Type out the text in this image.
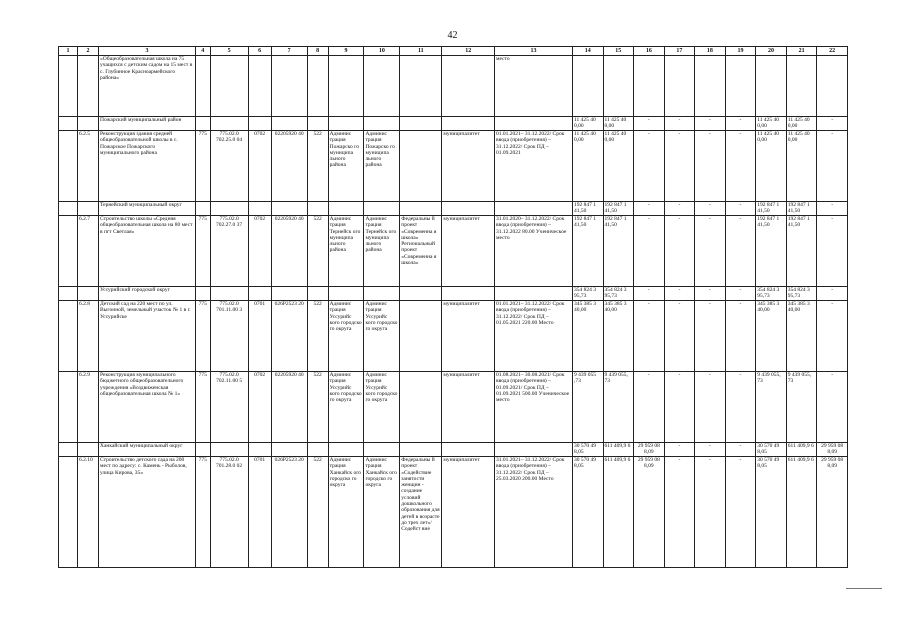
42
1	2	3	4	5	6	7	8	9	10	11	12	13	14	15	16	17	18	19	20	21	22
		«Общеобразовательная школа на 75 учащихся с детским садом на 15 мест в с. Глубинное Красноармейского района»										место									
		Пожарский муниципальный район											11 425 40 0,00	11 425 40 0,00	-	-	-	-	11 425 40 0,00	11 425 40 0,00	-
	6.2.5	Реконструкция здания средней общеобразовательной школы в с. Пожарское Пожарского муниципального района	775	775.02.0 702.25.0 04	0702	02205920 40	522	Админис трация Пожарско го муниципа льного района	Админис трация Пожарско го муниципа льного района		муниципалитет	01.01.2021– 31.12.2022/ Срок ввода (приобретения) – 31.12.2022/ Срок ПД – 01.09.2021	11 425 40 0,00	11 425 40 0,00	-	-	-	-	11 425 40 0,00	11 425 40 0,00	-
		Тернейский муниципальный округ											192 847 1 41,50	192 847 1 41,50	-	-	-	-	192 847 1 41,50	192 847 1 41,50	-
	6.2.7	Строительство школы «Средняя общеобразовательная школа на 80 мест в пгт Светлая»	775	775.02.0 702.27.0 37	0702	02205920 40	522	Админис трация Тернейск ого муниципа льного района	Админис трация Тернейск ого муниципа льного района	Федеральны й проект «Современна я школа» Региональный проект «Современна я школа»	муниципалитет	31.01.2020– 31.12.2022/ Срок ввода (приобретения) – 31.12.2022 80.00 Ученическое место	192 847 1 41,50	192 847 1 41,50	-	-	-	-	192 847 1 41,50	192 847 1 41,50	-
		Уссурийский городской округ											354 824 3 95,73	354 824 3 95,73	-	-	-	-	354 824 3 95,73	354 824 3 95,73	-
	6.2.8	Детский сад на 220 мест по ул. Выгонной, земельный участок № 1 в г. Уссурийске	775	775.02.0 701.11.00 3	0701	026P2523 20	522	Админис трация Уссурийс кого городско го округа	Админис трация Уссурийс кого городско го округа		муниципалитет	01.01.2021– 31.12.2022/ Срок ввода (приобретения) – 31.12.2022/ Срок ПД – 01.05.2021 220.00 Место	345 385 3 40,00	345 385 3 40,00	-	-	-	-	345 385 3 40,00	345 385 3 40,00	-
	6.2.9	Реконструкция муниципального бюджетного общеобразовательного учреждения «Воздвиженская общеобразовательная школа № 1»	775	775.02.0 702.11.00 5	0702	02205920 40	522	Админис трация Уссурийс кого городско го округа	Админис трация Уссурийс кого городско го округа		муниципалитет	01.08.2021– 30.08.2021/ Срок ввода (приобретения) – 01.09.2021/ Срок ПД – 01.09.2021 500.00 Ученическое место	9 439 055 ,73	9 439 055, 73	-	-	-	-	9 439 055, 73	9 439 055, 73	-
		Ханкайский муниципальный округ											30 570 49 8,05	611 409,9 6	29 959 08 8,09	-	-	-	30 570 49 8,05	611 409,9 6	29 959 08 8,09
	6.2.10	Строительство детского сада на 200 мест по адресу: с. Камень - Рыболов, улица Кирова, 35«	775	775.02.0 701.28.0 02	0701	026P2523 20	522	Админис трация Ханкайск ого городско го округа	Админис трация Ханкайск ого городско го округа	Федеральны й проект «Содействие занятости женщин - создание условий дошкольного образования для детей в возрасте до трех лет»/Содейст вие	муниципалитет	31.01.2021– 31.12.2022/ Срок ввода (приобретения) – 31.12.2022/ Срок ПД – 25.03.2020 200.00 Место	30 570 49 8,05	611 409,9 6	29 959 08 8,09	-	-	-	30 570 49 8,05	611 409,9 6	29 959 08 8,09
